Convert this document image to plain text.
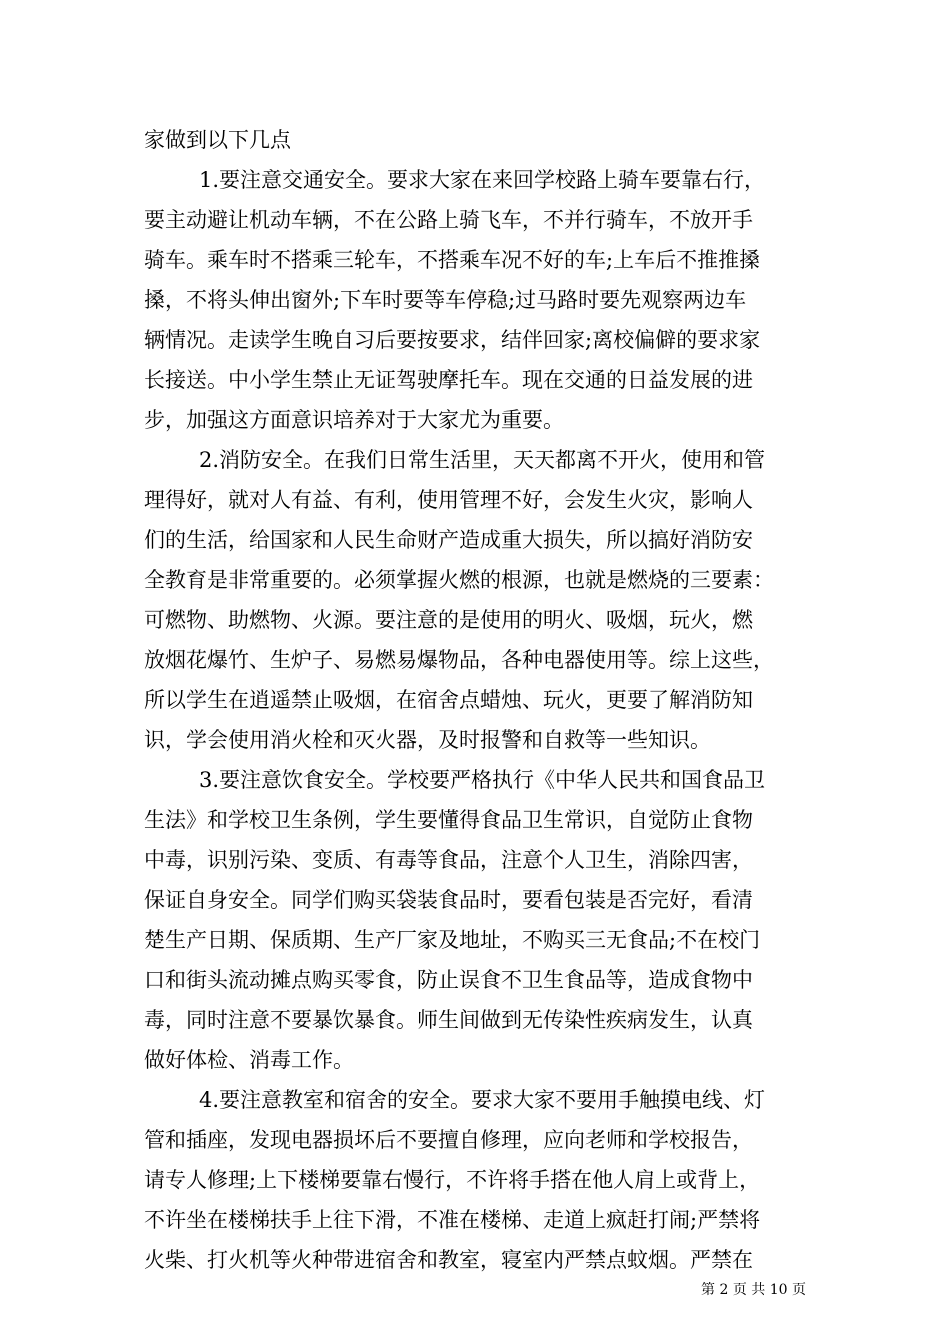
家做到以下几点
1.要注意交通安全。要求大家在来回学校路上骑车要靠右行，
要主动避让机动车辆，不在公路上骑飞车，不并行骑车，不放开手
骑车。乘车时不搭乘三轮车，不搭乘车况不好的车;上车后不推推搡
搡，不将头伸出窗外;下车时要等车停稳;过马路时要先观察两边车
辆情况。走读学生晚自习后要按要求，结伴回家;离校偏僻的要求家
长接送。中小学生禁止无证驾驶摩托车。现在交通的日益发展的进
步，加强这方面意识培养对于大家尤为重要。
2.消防安全。在我们日常生活里，天天都离不开火，使用和管
理得好，就对人有益、有利，使用管理不好，会发生火灾，影响人
们的生活，给国家和人民生命财产造成重大损失，所以搞好消防安
全教育是非常重要的。必须掌握火燃的根源，也就是燃烧的三要素：
可燃物、助燃物、火源。要注意的是使用的明火、吸烟，玩火，燃
放烟花爆竹、生炉子、易燃易爆物品，各种电器使用等。综上这些，
所以学生在逍遥禁止吸烟，在宿舍点蜡烛、玩火，更要了解消防知
识，学会使用消火栓和灭火器，及时报警和自救等一些知识。
3.要注意饮食安全。学校要严格执行《中华人民共和国食品卫
生法》和学校卫生条例，学生要懂得食品卫生常识，自觉防止食物
中毒，识别污染、变质、有毒等食品，注意个人卫生，消除四害，
保证自身安全。同学们购买袋装食品时，要看包装是否完好，看清
楚生产日期、保质期、生产厂家及地址，不购买三无食品;不在校门
口和街头流动摊点购买零食，防止误食不卫生食品等，造成食物中
毒，同时注意不要暴饮暴食。师生间做到无传染性疾病发生，认真
做好体检、消毒工作。
4.要注意教室和宿舍的安全。要求大家不要用手触摸电线、灯
管和插座，发现电器损坏后不要擅自修理，应向老师和学校报告，
请专人修理;上下楼梯要靠右慢行，不许将手搭在他人肩上或背上，
不许坐在楼梯扶手上往下滑，不准在楼梯、走道上疯赶打闹;严禁将
火柴、打火机等火种带进宿舍和教室，寝室内严禁点蚊烟。严禁在
第 2 页 共 10 页
